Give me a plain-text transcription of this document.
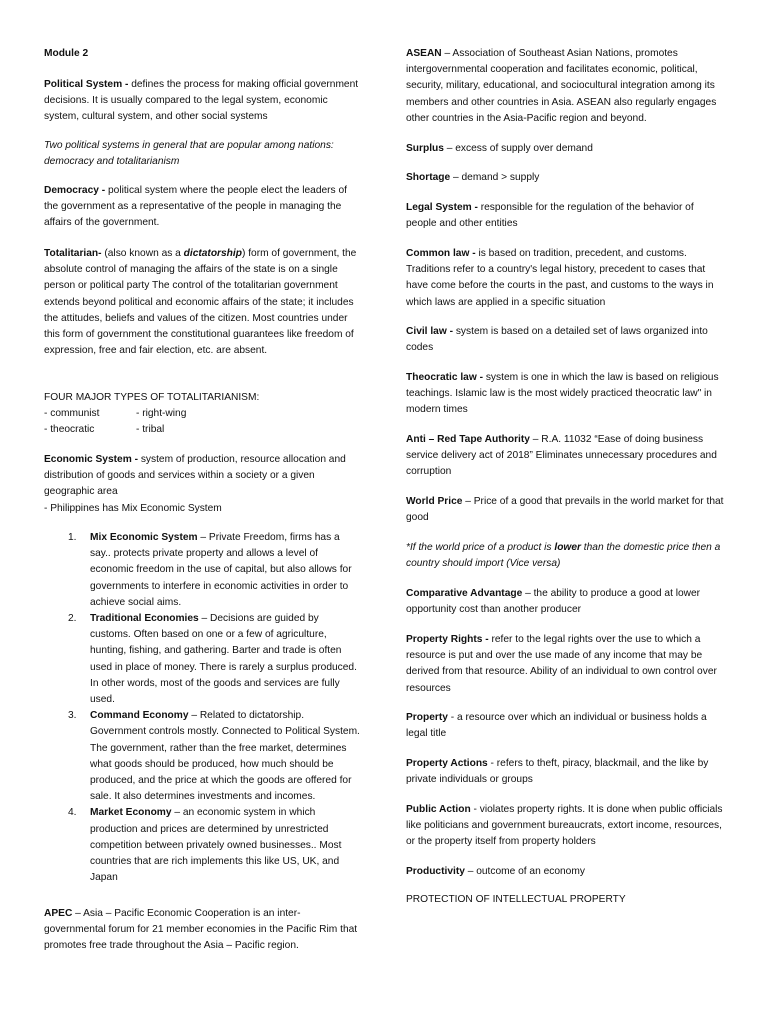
Module 2

Political System - defines the process for making official government decisions. It is usually compared to the legal system, economic system, cultural system, and other social systems

Two political systems in general that are popular among nations: democracy and totalitarianism

Democracy - political system where the people elect the leaders of the government as a representative of the people in managing the affairs of the government.

Totalitarian- (also known as a dictatorship) form of government, the absolute control of managing the affairs of the state is on a single person or political party The control of the totalitarian government extends beyond political and economic affairs of the state; it includes the attitudes, beliefs and values of the citizen. Most countries under this form of government the constitutional guarantees like freedom of expression, free and fair election, etc. are absent.

FOUR MAJOR TYPES OF TOTALITARIANISM:
- communist	- right-wing
- theocratic	- tribal
Economic System - system of production, resource allocation and distribution of goods and services within a society or a given geographic area
- Philippines has Mix Economic System
1. Mix Economic System – Private Freedom, firms has a say.. protects private property and allows a level of economic freedom in the use of capital, but also allows for governments to interfere in economic activities in order to achieve social aims.
2. Traditional Economies – Decisions are guided by customs. Often based on one or a few of agriculture, hunting, fishing, and gathering. Barter and trade is often used in place of money. There is rarely a surplus produced. In other words, most of the goods and services are fully used.
3. Command Economy – Related to dictatorship. Government controls mostly. Connected to Political System. The government, rather than the free market, determines what goods should be produced, how much should be produced, and the price at which the goods are offered for sale. It also determines investments and incomes.
4. Market Economy – an economic system in which production and prices are determined by unrestricted competition between privately owned businesses.. Most countries that are rich implements this like US, UK, and Japan

APEC – Asia – Pacific Economic Cooperation is an inter-governmental forum for 21 member economies in the Pacific Rim that promotes free trade throughout the Asia – Pacific region.

ASEAN – Association of Southeast Asian Nations, promotes intergovernmental cooperation and facilitates economic, political, security, military, educational, and sociocultural integration among its members and other countries in Asia. ASEAN also regularly engages other countries in the Asia-Pacific region and beyond.

Surplus – excess of supply over demand

Shortage – demand > supply

Legal System - responsible for the regulation of the behavior of people and other entities

Common law - is based on tradition, precedent, and customs. Traditions refer to a country's legal history, precedent to cases that have come before the courts in the past, and customs to the ways in which laws are applied in a specific situation

Civil law - system is based on a detailed set of laws organized into codes

Theocratic law - system is one in which the law is based on religious teachings. Islamic law is the most widely practiced theocratic law" in modern times

Anti – Red Tape Authority – R.A. 11032 “Ease of doing business service delivery act of 2018” Eliminates unnecessary procedures and corruption

World Price – Price of a good that prevails in the world market for that good

*If the world price of a product is lower than the domestic price then a country should import (Vice versa)

Comparative Advantage – the ability to produce a good at lower opportunity cost than another producer

Property Rights - refer to the legal rights over the use to which a resource is put and over the use made of any income that may be derived from that resource. Ability of an individual to own control over resources

Property - a resource over which an individual or business holds a legal title

Property Actions - refers to theft, piracy, blackmail, and the like by private individuals or groups

Public Action - violates property rights. It is done when public officials like politicians and government bureaucrats, extort income, resources, or the property itself from property holders

Productivity – outcome of an economy

PROTECTION OF INTELLECTUAL PROPERTY
